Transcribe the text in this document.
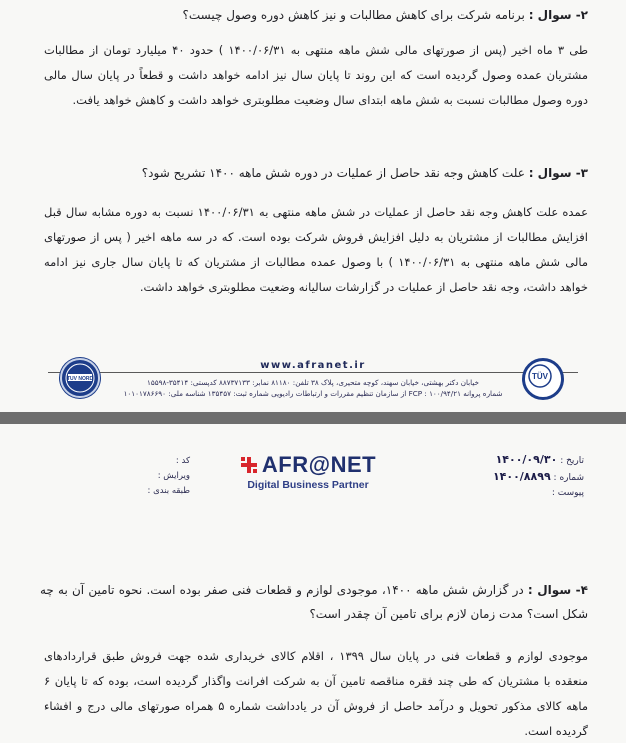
۲- سوال : برنامه شرکت برای کاهش مطالبات و نیز کاهش دوره وصول چیست؟
طی ۳ ماه اخیر (پس از صورتهای مالی شش ماهه منتهی به ۱۴۰۰/۰۶/۳۱ ) حدود ۴۰ میلیارد تومان از مطالبات مشتریان عمده وصول گردیده است که این روند تا پایان سال نیز ادامه خواهد داشت و قطعاً در پایان سال مالی دوره وصول مطالبات نسبت به شش ماهه ابتدای سال وضعیت مطلوبتری خواهد داشت و کاهش خواهد یافت.
۳- سوال : علت کاهش وجه نقد حاصل از عملیات در دوره شش ماهه ۱۴۰۰ تشریح شود؟
عمده علت کاهش وجه نقد حاصل از عملیات در شش ماهه منتهی به ۱۴۰۰/۰۶/۳۱ نسبت به دوره مشابه سال قبل افزایش مطالبات از مشتریان به دلیل افزایش فروش شرکت بوده است. که در سه ماهه اخیر ( پس از صورتهای مالی شش ماهه منتهی به ۱۴۰۰/۰۶/۳۱ ) با وصول عمده مطالبات از مشتریان که تا پایان سال جاری نیز ادامه خواهد داشت، وجه نقد حاصل از عملیات در گزارشات سالیانه وضعیت مطلوبتری خواهد داشت.
www.afranet.ir
خیابان دکتر بهشتی، خیابان سهند، کوچه متحیری، پلاک ۳۸ تلفن: ۸۱۱۸۰ نمابر: ۸۸۷۳۷۱۳۳ کدپستی: ۳۵۴۱۴-۱۵۵۹۸
شماره پروانه FCP : ۱۰۰/۹۴/۲۱ از سازمان تنظیم مقررات و ارتباطات رادیویی شماره ثبت: ۱۳۵۴۵۷ شناسه ملی: ۱۰۱۰۱۷۸۶۶۹۰
TUV NORD	TÜV
کد :
ویرایش :
طبقه بندی :
AFR@NET
Digital Business Partner
تاریخ : ۱۴۰۰/۰۹/۳۰
شماره : ۱۴۰۰/۸۸۹۹
پیوست :
۴- سوال : در گزارش شش ماهه ۱۴۰۰، موجودی لوازم و قطعات فنی صفر بوده است. نحوه تامین آن به چه شکل است؟ مدت زمان لازم برای تامین آن چقدر است؟
موجودی لوازم و قطعات فنی در پایان سال ۱۳۹۹ ، اقلام کالای خریداری شده جهت فروش طبق قراردادهای منعقده با مشتریان که طی چند فقره مناقصه تامین آن به شرکت افرانت واگذار گردیده است، بوده که تا پایان ۶ ماهه کالای مذکور تحویل و درآمد حاصل از فروش آن در یادداشت شماره ۵ همراه صورتهای مالی درج و افشاء گردیده است.
